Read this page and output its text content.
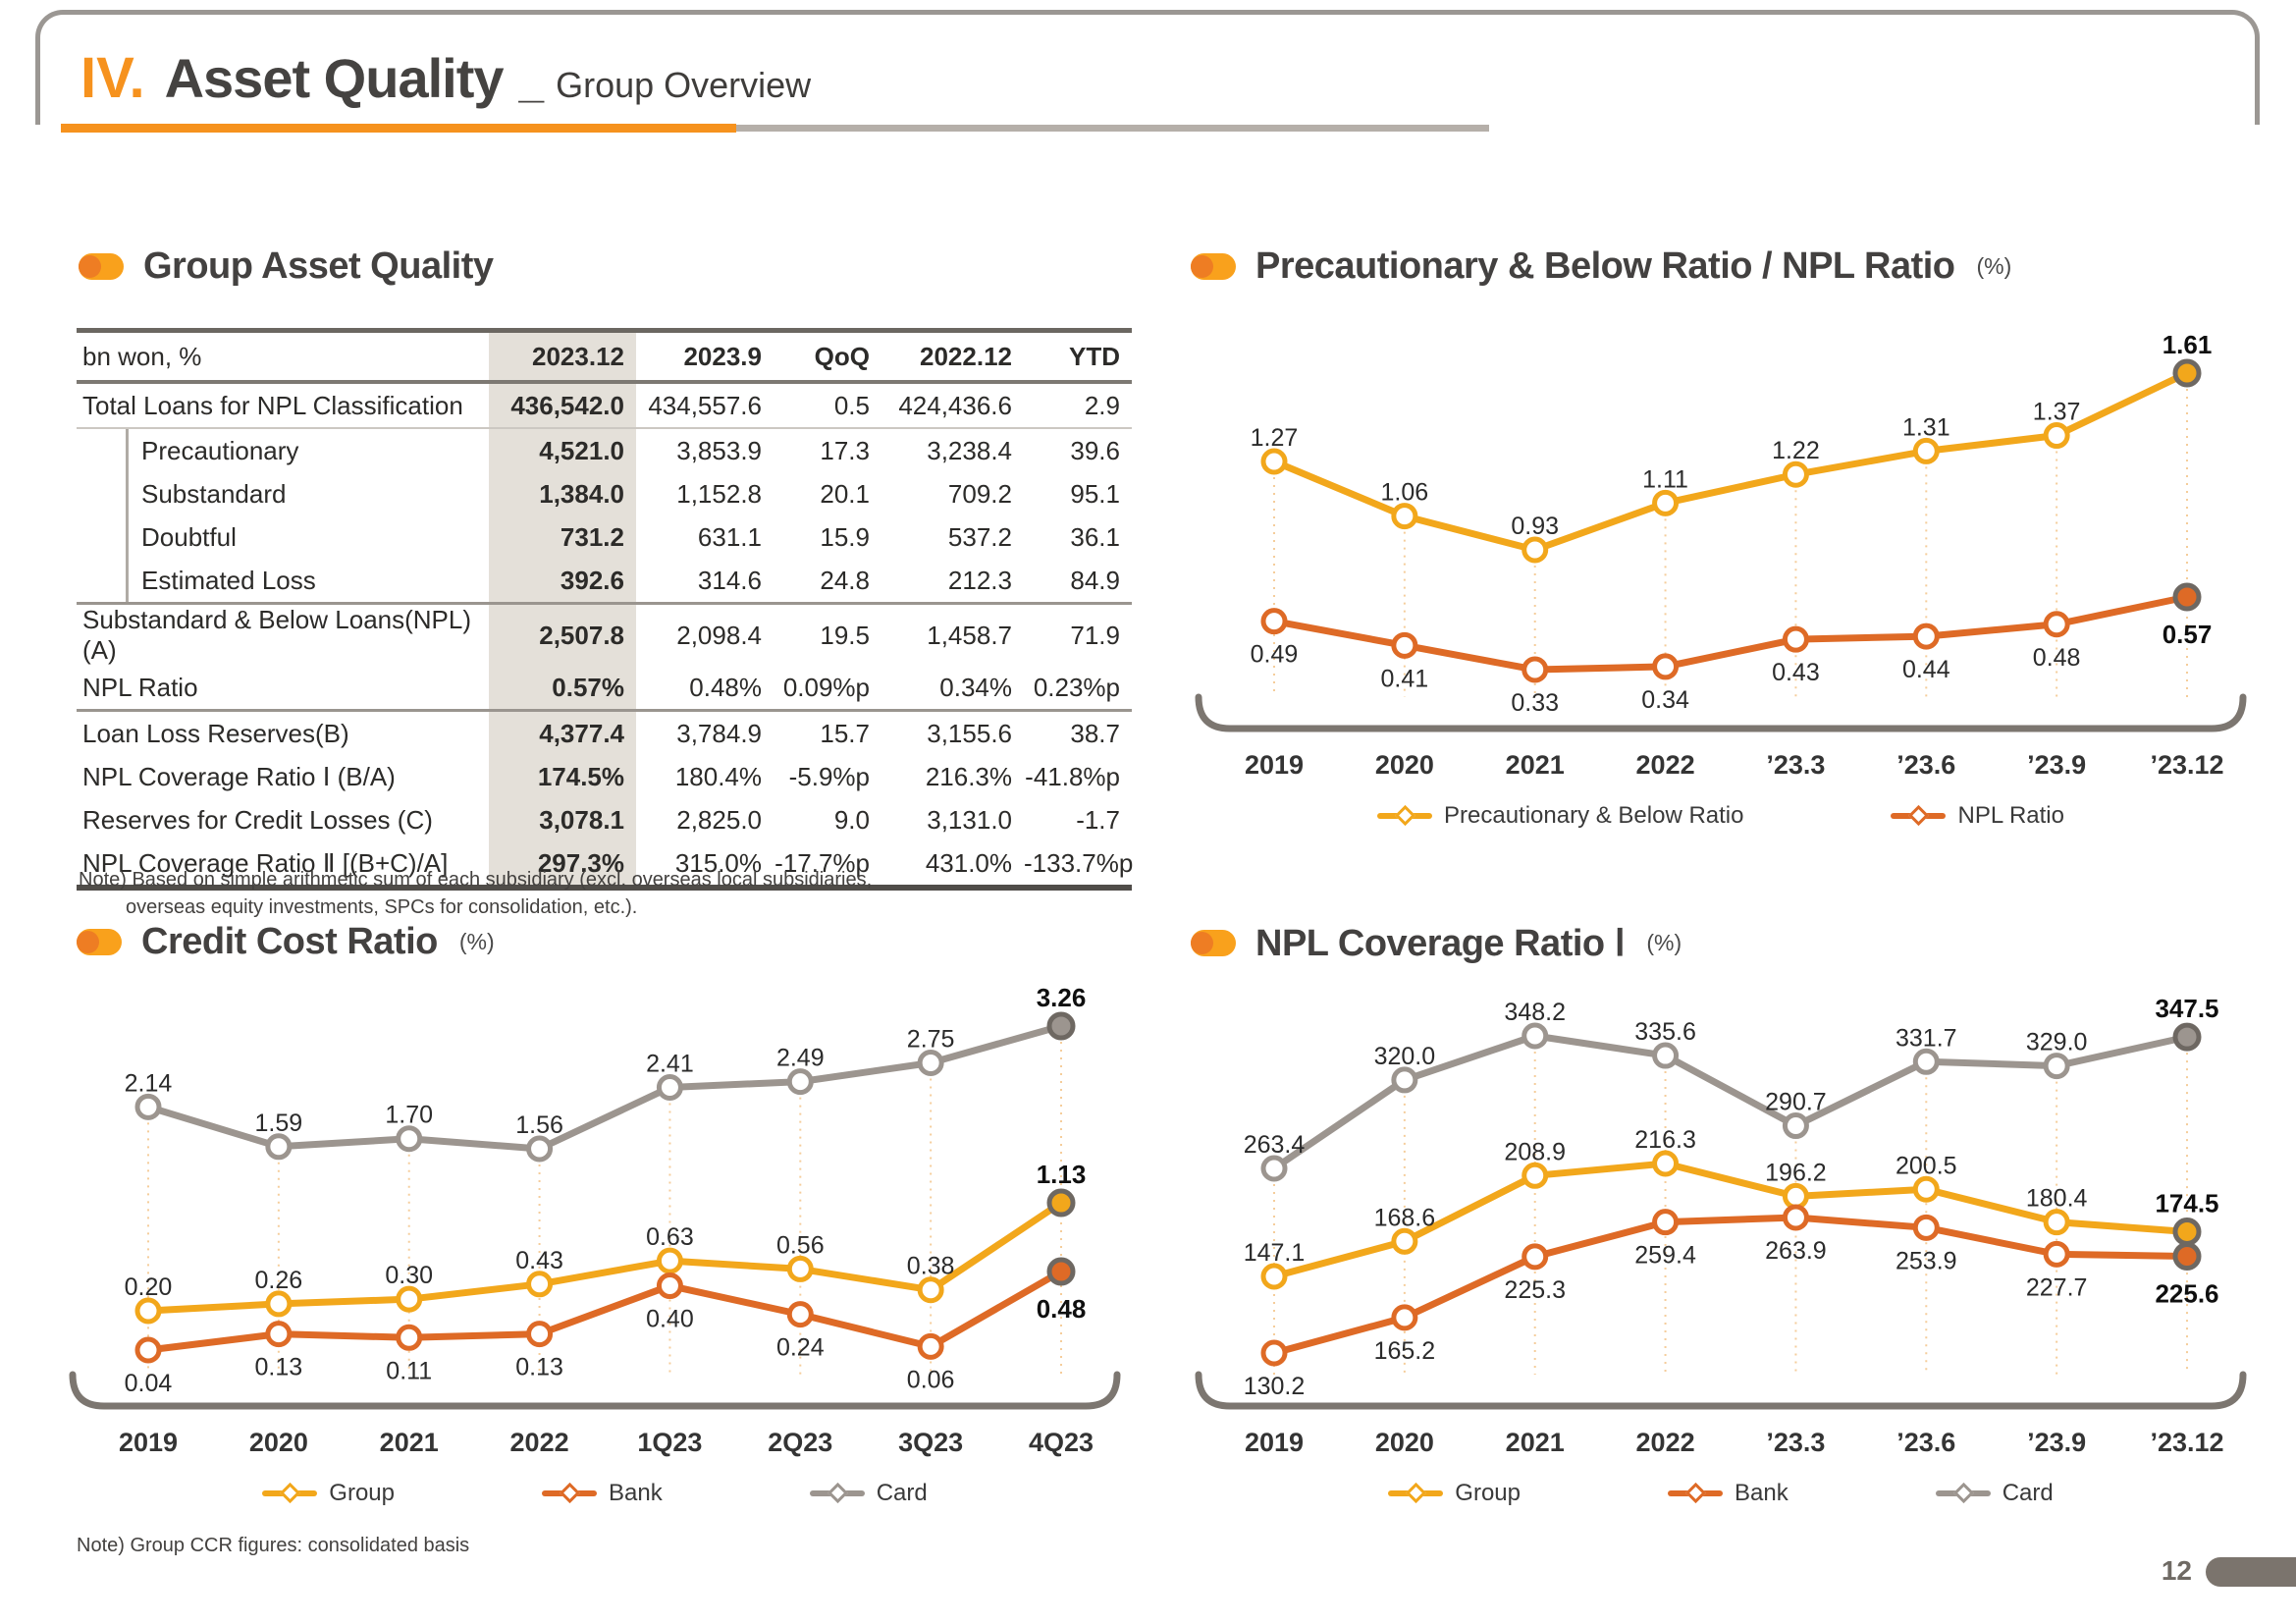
IV. Asset Quality _ Group Overview
Group Asset Quality
bn won, %	2023.12	2023.9	QoQ	2022.12	YTD
Total Loans for NPL Classification	436,542.0	434,557.6	0.5	424,436.6	2.9
Precautionary	4,521.0	3,853.9	17.3	3,238.4	39.6
Substandard	1,384.0	1,152.8	20.1	709.2	95.1
Doubtful	731.2	631.1	15.9	537.2	36.1
Estimated Loss	392.6	314.6	24.8	212.3	84.9
Substandard & Below Loans(NPL)(A)	2,507.8	2,098.4	19.5	1,458.7	71.9
NPL Ratio	0.57%	0.48%	0.09%p	0.34%	0.23%p
Loan Loss Reserves(B)	4,377.4	3,784.9	15.7	3,155.6	38.7
NPL Coverage Ratio Ⅰ (B/A)	174.5%	180.4%	-5.9%p	216.3%	-41.8%p
Reserves for Credit Losses (C)	3,078.1	2,825.0	9.0	3,131.0	-1.7
NPL Coverage Ratio Ⅱ [(B+C)/A]	297.3%	315.0%	-17.7%p	431.0%	-133.7%p
Note) Based on simple arithmetic sum of each subsidiary (excl. overseas local subsidiaries, overseas equity investments, SPCs for consolidation, etc.).
Precautionary & Below Ratio / NPL Ratio (%)
1.27
1.06
0.93
1.11
1.22
1.31
1.37
1.61
0.49
0.41
0.33	0.34
0.43	0.44	0.48
0.57
2019	2020	2021	2022	’23.3	’23.6	’23.9 ’23.12
Precautionary & Below Ratio	NPL Ratio
Credit Cost Ratio (%)
0.20	0.26	0.30
0.43
0.63	0.56
0.38
1.13
0.04
0.13	0.11	0.13
0.40
0.24
0.06
0.48
2.14
1.59	1.70	1.56
2.41	2.49
2.75
3.26
2019	2020	2021	2022	1Q23 2Q23 3Q23 4Q23
Group	Bank	Card
Note) Group CCR figures: consolidated basis
NPL Coverage Ratio Ⅰ (%)
147.1
168.6
208.9	216.3
196.2	200.5
180.4	174.5
130.2
165.2
225.3
259.4	263.9	253.9
227.7	225.6
263.4
320.0
348.2
335.6
290.7
331.7	329.0
347.5
2019	2020	2021	2022	’23.3	’23.6	’23.9 ’23.12
Group	Bank	Card
12
